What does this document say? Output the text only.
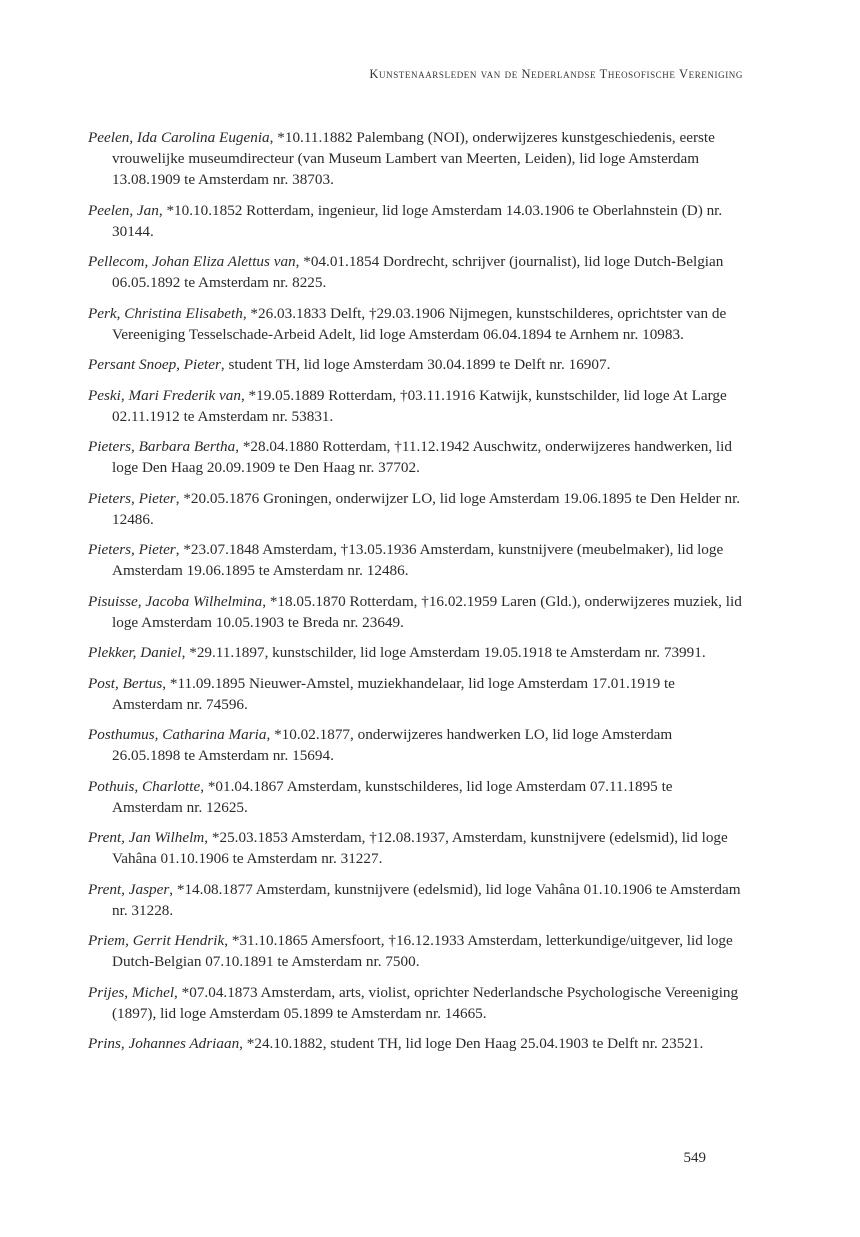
Kunstenaarsleden van de Nederlandse Theosofische Vereniging

Peelen, Ida Carolina Eugenia, *10.11.1882 Palembang (NOI), onderwijzeres kunstgeschiedenis, eerste vrouwelijke museumdirecteur (van Museum Lambert van Meerten, Leiden), lid loge Amsterdam 13.08.1909 te Amsterdam nr. 38703.

Peelen, Jan, *10.10.1852 Rotterdam, ingenieur, lid loge Amsterdam 14.03.1906 te Oberlahnstein (D) nr. 30144.

Pellecom, Johan Eliza Alettus van, *04.01.1854 Dordrecht, schrijver (journalist), lid loge Dutch-Belgian 06.05.1892 te Amsterdam nr. 8225.

Perk, Christina Elisabeth, *26.03.1833 Delft, †29.03.1906 Nijmegen, kunstschilderes, oprichtster van de Vereeniging Tesselschade-Arbeid Adelt, lid loge Amsterdam 06.04.1894 te Arnhem nr. 10983.

Persant Snoep, Pieter, student TH, lid loge Amsterdam 30.04.1899 te Delft nr. 16907.

Peski, Mari Frederik van, *19.05.1889 Rotterdam, †03.11.1916 Katwijk, kunstschilder, lid loge At Large 02.11.1912 te Amsterdam nr. 53831.

Pieters, Barbara Bertha, *28.04.1880 Rotterdam, †11.12.1942 Auschwitz, onderwijzeres handwerken, lid loge Den Haag 20.09.1909 te Den Haag nr. 37702.

Pieters, Pieter, *20.05.1876 Groningen, onderwijzer LO, lid loge Amsterdam 19.06.1895 te Den Helder nr. 12486.

Pieters, Pieter, *23.07.1848 Amsterdam, †13.05.1936 Amsterdam, kunstnijvere (meubelmaker), lid loge Amsterdam 19.06.1895 te Amsterdam nr. 12486.

Pisuisse, Jacoba Wilhelmina, *18.05.1870 Rotterdam, †16.02.1959 Laren (Gld.), onderwijzeres muziek, lid loge Amsterdam 10.05.1903 te Breda nr. 23649.

Plekker, Daniel, *29.11.1897, kunstschilder, lid loge Amsterdam 19.05.1918 te Amsterdam nr. 73991.

Post, Bertus, *11.09.1895 Nieuwer-Amstel, muziekhandelaar, lid loge Amsterdam 17.01.1919 te Amsterdam nr. 74596.

Posthumus, Catharina Maria, *10.02.1877, onderwijzeres handwerken LO, lid loge Amsterdam 26.05.1898 te Amsterdam nr. 15694.

Pothuis, Charlotte, *01.04.1867 Amsterdam, kunstschilderes, lid loge Amsterdam 07.11.1895 te Amsterdam nr. 12625.

Prent, Jan Wilhelm, *25.03.1853 Amsterdam, †12.08.1937, Amsterdam, kunstnijvere (edelsmid), lid loge Vahâna 01.10.1906 te Amsterdam nr. 31227.

Prent, Jasper, *14.08.1877 Amsterdam, kunstnijvere (edelsmid), lid loge Vahâna 01.10.1906 te Amsterdam nr. 31228.

Priem, Gerrit Hendrik, *31.10.1865 Amersfoort, †16.12.1933 Amsterdam, letterkundige/uitgever, lid loge Dutch-Belgian 07.10.1891 te Amsterdam nr. 7500.

Prijes, Michel, *07.04.1873 Amsterdam, arts, violist, oprichter Nederlandsche Psychologische Vereeniging (1897), lid loge Amsterdam 05.1899 te Amsterdam nr. 14665.

Prins, Johannes Adriaan, *24.10.1882, student TH, lid loge Den Haag 25.04.1903 te Delft nr. 23521.

549
